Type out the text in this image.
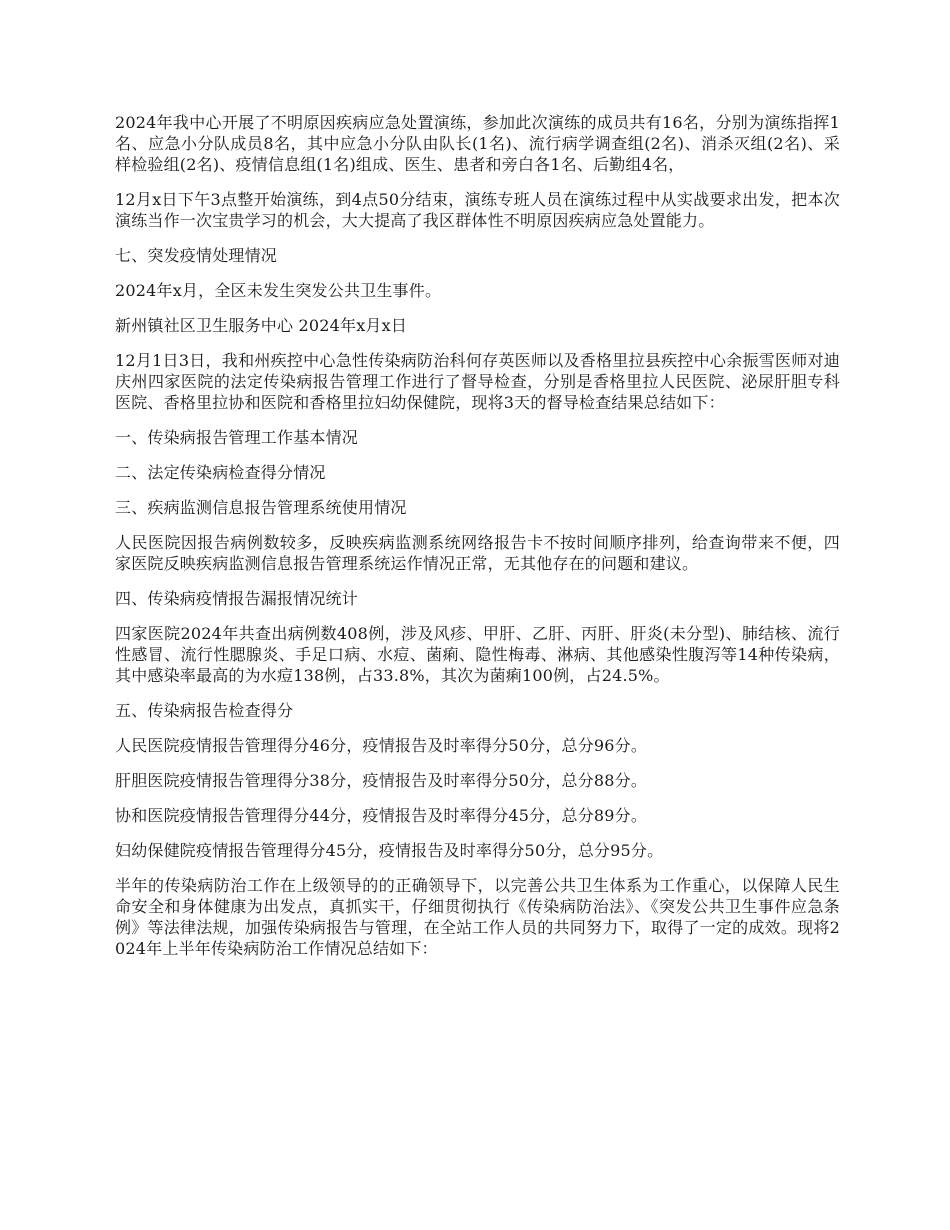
2024年我中心开展了不明原因疾病应急处置演练，参加此次演练的成员共有16名，分别为演练指挥1名、应急小分队成员8名，其中应急小分队由队长(1名)、流行病学调查组(2名)、消杀灭组(2名)、采样检验组(2名)、疫情信息组(1名)组成、医生、患者和旁白各1名、后勤组4名，

12月x日下午3点整开始演练，到4点50分结束，演练专班人员在演练过程中从实战要求出发，把本次演练当作一次宝贵学习的机会，大大提高了我区群体性不明原因疾病应急处置能力。

七、突发疫情处理情况

2024年x月，全区未发生突发公共卫生事件。

新州镇社区卫生服务中心 2024年x月x日

12月1日3日，我和州疾控中心急性传染病防治科何存英医师以及香格里拉县疾控中心余振雪医师对迪庆州四家医院的法定传染病报告管理工作进行了督导检查，分别是香格里拉人民医院、泌尿肝胆专科医院、香格里拉协和医院和香格里拉妇幼保健院，现将3天的督导检查结果总结如下：

一、传染病报告管理工作基本情况

二、法定传染病检查得分情况

三、疾病监测信息报告管理系统使用情况

人民医院因报告病例数较多，反映疾病监测系统网络报告卡不按时间顺序排列，给查询带来不便，四家医院反映疾病监测信息报告管理系统运作情况正常，无其他存在的问题和建议。

四、传染病疫情报告漏报情况统计

四家医院2024年共查出病例数408例，涉及风疹、甲肝、乙肝、丙肝、肝炎(未分型)、肺结核、流行性感冒、流行性腮腺炎、手足口病、水痘、菌痢、隐性梅毒、淋病、其他感染性腹泻等14种传染病，其中感染率最高的为水痘138例，占33.8%，其次为菌痢100例，占24.5%。

五、传染病报告检查得分

人民医院疫情报告管理得分46分，疫情报告及时率得分50分，总分96分。

肝胆医院疫情报告管理得分38分，疫情报告及时率得分50分，总分88分。

协和医院疫情报告管理得分44分，疫情报告及时率得分45分，总分89分。

妇幼保健院疫情报告管理得分45分，疫情报告及时率得分50分，总分95分。

半年的传染病防治工作在上级领导的的正确领导下，以完善公共卫生体系为工作重心，以保障人民生命安全和身体健康为出发点，真抓实干，仔细贯彻执行《传染病防治法》、《突发公共卫生事件应急条例》等法律法规，加强传染病报告与管理，在全站工作人员的共同努力下，取得了一定的成效。现将2024年上半年传染病防治工作情况总结如下：
